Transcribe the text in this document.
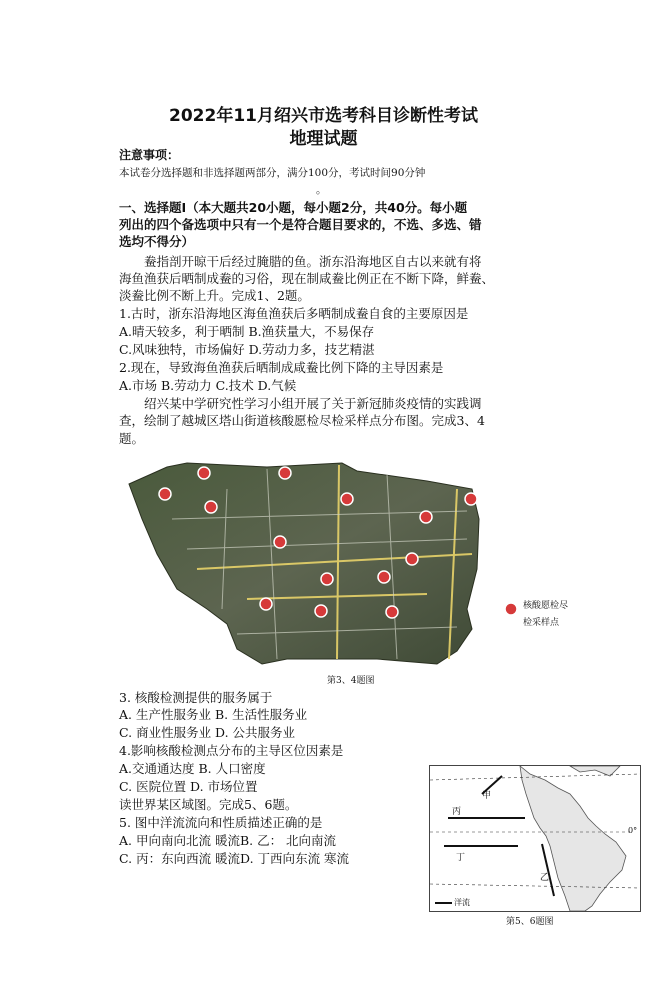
2022年11月绍兴市选考科目诊断性考试
地理试题
注意事项：
本试卷分选择题和非选择题两部分，满分100分，考试时间90分钟
。
一、选择题Ⅰ（本大题共20小题，每小题2分，共40分。每小题
列出的四个备选项中只有一个是符合题目要求的，不选、多选、错
选均不得分）
鲞指剖开晾干后经过腌腊的鱼。浙东沿海地区自古以来就有将
海鱼渔获后晒制成鲞的习俗，现在制咸鲞比例正在不断下降，鲜鲞、
淡鲞比例不断上升。完成1、2题。
1.古时，浙东沿海地区海鱼渔获后多晒制成鲞自食的主要原因是
A.晴天较多，利于晒制 B.渔获量大，不易保存
C.风味独特，市场偏好 D.劳动力多，技艺精湛
2.现在，导致海鱼渔获后晒制成咸鲞比例下降的主导因素是
A.市场 B.劳动力 C.技术 D.气候
绍兴某中学研究性学习小组开展了关于新冠肺炎疫情的实践调
查，绘制了越城区塔山街道核酸愿检尽检采样点分布图。完成3、4
题。
核酸愿检尽
检采样点
第3、4题图
3. 核酸检测提供的服务属于
A. 生产性服务业 B. 生活性服务业
C. 商业性服务业 D. 公共服务业
4.影响核酸检测点分布的主导区位因素是
A.交通通达度 B. 人口密度
C. 医院位置 D. 市场位置
读世界某区域图。完成5、6题。
5. 图中洋流流向和性质描述正确的是
A. 甲向南向北流 暖流B. 乙： 北向南流
C. 丙：东向西流 暖流D. 丁西向东流 寒流
甲
丙
丁
乙
0°
洋流
第5、6题图
